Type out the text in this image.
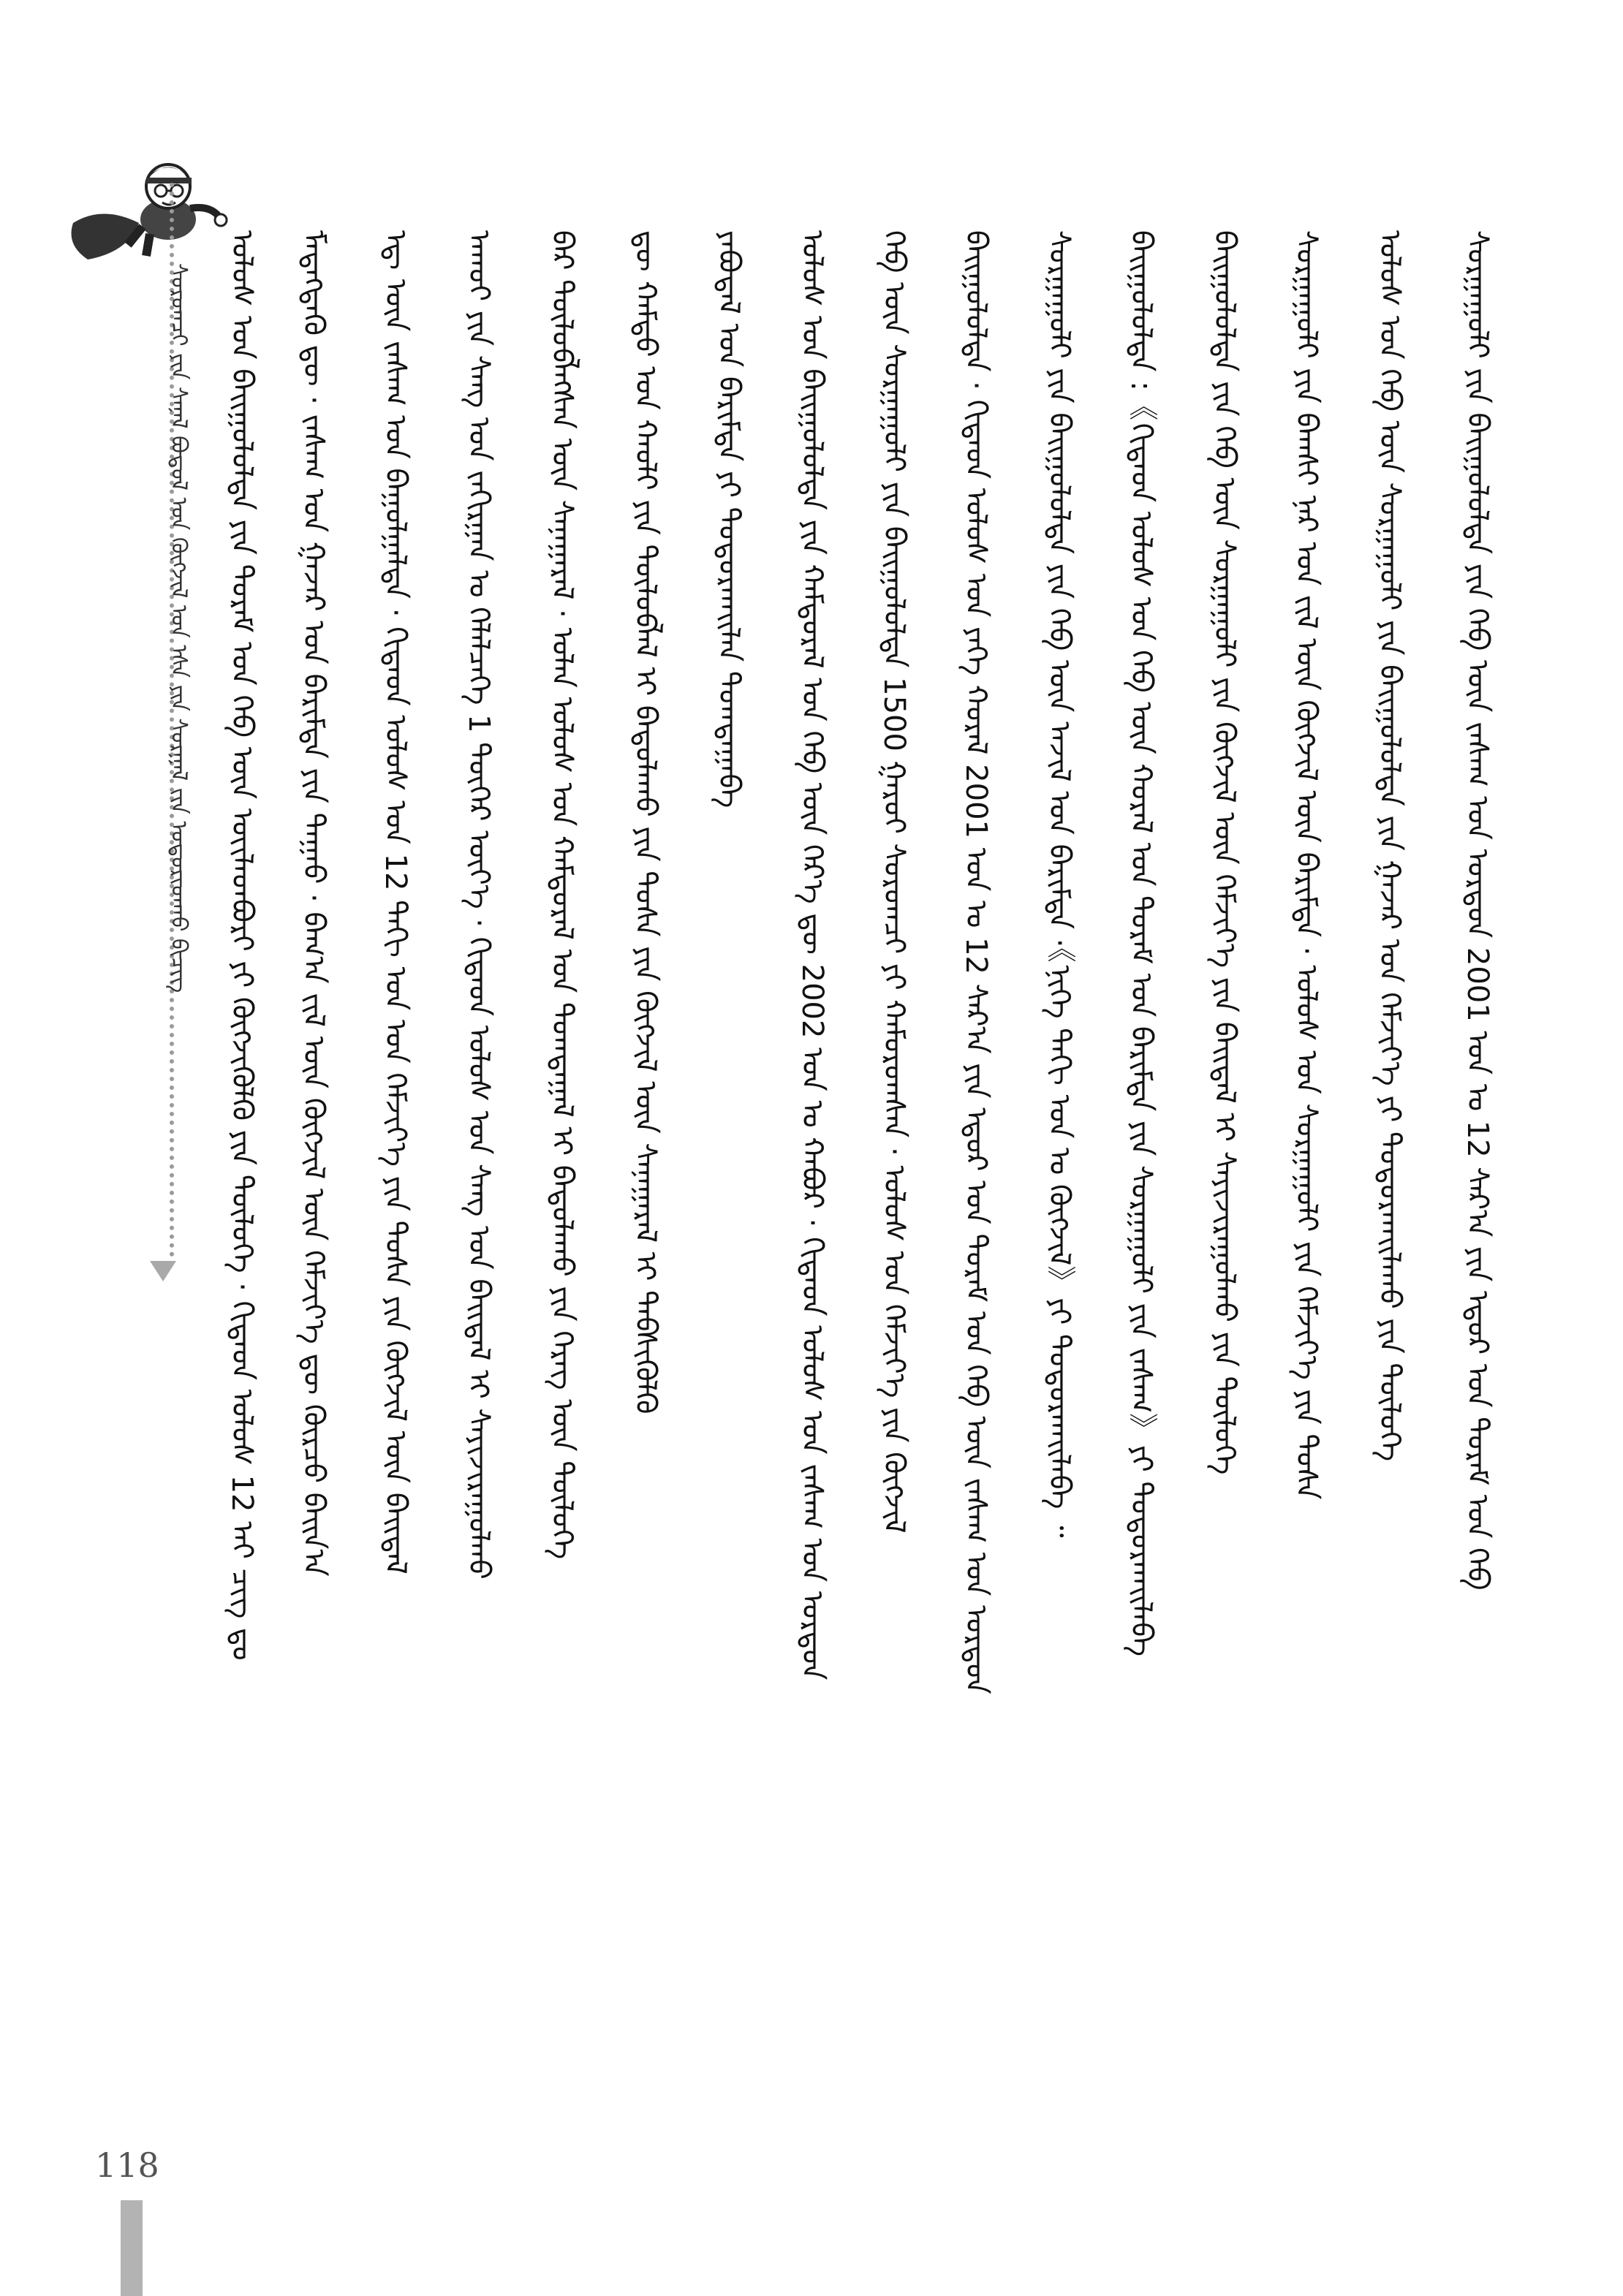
ᠰᠤᠷᠤᠭᠴᠢ ᠶᠢᠨ ᠰᠠᠨᠠᠯ ᠪᠤᠳᠤᠯ ᠤᠨ ᠬᠥᠭᠵᠢᠯ ᠤᠨ ᠡᠰᠡ ᠶᠢᠨ ᠰᠤᠷᠭᠠᠯ ᠵᠢᠨ ᠤᠳᠤᠷᠢᠳᠬᠤ ᠪᠢᠴᠢᠭ ᠤᠯᠤᠰ ᠤᠨ ᠪᠠᠢᠭᠤᠯᠤᠯᠲᠠ ᠶᠢᠨ ᠳᠤᠷᠠᠮ ᠤᠨ ᠬᠡᠪ ᠦᠨ ᠦᠢᠯᠡᠳᠪᠦᠷᠢ ᠶᠢ ᠬᠥᠭᠵᠢᠭᠦᠯᠬᠦ ᠶᠢᠨ ᠲᠥᠯᠦᠭᠡ · ᠬᠢᠲᠠᠳ ᠤᠯᠤᠰ 12 ᠠᠶ ᠴᠢᠭ ᠳᠤ ᠮᠡᠳᠡᠭᠳᠡᠬᠦ ᠳᠦ · ᠵᠠᠰᠠᠭ ᠤᠨ ᠭᠠᠵᠠᠷ ᠤᠨ ᠪᠠᠷᠢᠮᠲᠠ ᠶᠢᠨ ᠳᠠᠭᠠᠤ · ᠪᠠᠭ᠎ᠠ ᠵᠢᠯ ᠦᠨ ᠬᠥᠭᠵᠢᠯ ᠦᠨ ᠬᠡᠮᠵᠢᠶ᠎ᠡ ᠳᠦ ᠬᠦᠷᠴᠦ ᠪᠠᠢᠨ᠎ᠠ ᠡᠳ᠋ ᠦᠨ ᠵᠠᠰᠠᠭ ᠤᠨ ᠪᠠᠭᠤᠯᠭᠠᠯᠲᠠ · ᠬᠢᠲᠠᠳ ᠤᠯᠤᠰ ᠤᠨ 12 ᠳᠠᠬᠢ ᠣᠨ ᠤᠨ ᠬᠡᠮᠵᠢᠶ᠎ᠡ ᠶᠢᠨ ᠲᠤᠰᠠ ᠶᠢᠨ ᠬᠥᠭᠵᠢᠯ ᠦᠨ ᠪᠠᠢᠳᠠᠯ ᠠᠬᠤᠢ ᠶᠢᠨ ᠰᠠᠩ ᠤᠨ ᠵᠠᠬᠢᠷᠭᠠᠨ ᠤ ᠬᠡᠯᠡᠯᠴᠡᠭᠡ 1 ᠳᠦᠭᠡᠷ ᠦᠶ᠎ᠡ · ᠬᠢᠲᠠᠳ ᠤᠯᠤᠰ ᠤᠨ ᠰᠠᠩ ᠤᠨ ᠪᠠᠢᠳᠠᠯ ᠢ ᠰᠠᠶᠢᠵᠢᠷᠠᠭᠤᠯᠬᠤ ᠪᠡᠷ ᠲᠥᠯᠦᠪᠯᠡᠭᠰᠡᠨ ᠦᠨ ᠰᠠᠨᠠᠭᠠᠷᠠᠯ · ᠣᠯᠠᠨ ᠤᠯᠤᠰ ᠤᠨ ᠬᠠᠮᠲᠤᠷᠠᠯ ᠤᠨ ᠲᠣᠭᠲᠠᠭᠠᠯ ᠢ ᠪᠠᠳᠤᠯᠠᠬᠤ ᠶᠢᠨ ᠬᠡᠷᠡᠭ ᠦᠨ ᠲᠥᠯᠦᠭᠡ ᠳᠦ ᠬᠠᠮᠲᠤ ᠤᠨ ᠬᠠᠤᠯᠢ ᠶᠢᠨ ᠲᠥᠯᠦᠪᠯᠡᠯ ᠢ ᠪᠠᠳᠤᠯᠠᠬᠤ ᠶᠢᠨ ᠲᠤᠰᠠ ᠶᠢᠨ ᠬᠥᠭᠵᠢᠯ ᠦᠨ ᠰᠠᠨᠠᠭᠠᠷᠠᠯ ᠢ ᠳᠡᠪᠰᠢᠭᠦᠯᠬᠦ ᠶᠠᠪᠤᠳᠠᠯ ᠤᠨ ᠪᠠᠷᠢᠮᠲᠠ ᠶᠢ ᠲᠣᠳᠤᠷᠬᠠᠢᠯᠠᠨ ᠲᠣᠭᠲᠠᠭᠠᠪᠠ ᠤᠯᠤᠰ ᠤᠨ ᠪᠠᠢᠭᠤᠯᠤᠯᠲᠠ ᠶᠢᠨ ᠬᠠᠮᠲᠤᠷᠠᠯ ᠤᠨ ᠬᠡᠪ ᠦᠨ ᠭᠡᠷ᠎ᠡ ᠳᠦ 2002 ᠣᠨ ᠤ ᠬᠠᠪᠤᠷ · ᠬᠢᠲᠠᠳ ᠤᠯᠤᠰ ᠤᠨ ᠵᠠᠰᠠᠭ ᠤᠨ ᠣᠷᠳᠣᠨ ᠬᠡᠪ ᠦᠨ ᠰᠤᠷᠭᠠᠭᠤᠯᠢ ᠶᠢᠨ ᠪᠠᠢᠭᠤᠯᠤᠯᠲᠠ 1500 ᠭᠠᠷᠤᠢ ᠰᠤᠷᠤᠭᠴᠢ ᠶᠢ ᠬᠠᠮᠤᠷᠤᠭᠰᠠᠨ · ᠤᠯᠤᠰ ᠤᠨ ᠬᠡᠮᠵᠢᠶ᠎ᠡ ᠶᠢᠨ ᠬᠥᠭᠵᠢᠯ ᠪᠠᠢᠭᠤᠯᠤᠯᠲᠠ · ᠬᠢᠲᠠᠳ ᠤᠯᠤᠰ ᠤᠨ ᠶᠡᠬᠡ ᠬᠤᠷᠠᠯ 2001 ᠣᠨ ᠤ 12 ᠰᠠᠷ᠎ᠠ ᠶᠢᠨ ᠡᠳᠦᠷ ᠤᠨ ᠳᠤᠷᠠᠮ ᠤᠨ ᠬᠡᠪ ᠦᠨ ᠵᠠᠰᠠᠭ ᠤᠨ ᠣᠷᠳᠣᠨ ᠰᠤᠷᠭᠠᠭᠤᠯᠢ ᠶᠢᠨ ᠪᠠᠢᠭᠤᠯᠤᠯᠲᠠ ᠶᠢᠨ ᠬᠡᠪ ᠦᠨ ᠠᠵᠢᠯ ᠤᠨ ᠪᠠᠷᠢᠮᠲᠠ ·《ᠨᠢᠭᠡ ᠳᠠᠬᠢ ᠣᠨ ᠤ ᠬᠥᠭᠵᠢᠯ》ᠶᠢ ᠲᠣᠳᠤᠷᠬᠠᠢᠯᠠᠪᠠ ᠃ ᠪᠠᠢᠭᠤᠯᠤᠯᠲᠠ :《ᠬᠢᠲᠠᠳ ᠤᠯᠤᠰ ᠤᠨ ᠬᠡᠪ ᠦᠨ ᠬᠤᠷᠠᠯ ᠤᠨ ᠳᠤᠷᠠᠮ ᠤᠨ ᠪᠠᠷᠢᠮᠲᠠ ᠶᠢᠨ ᠰᠤᠷᠭᠠᠭᠤᠯᠢ ᠶᠢᠨ ᠵᠠᠰᠠᠭ》ᠶᠢ ᠲᠣᠳᠤᠷᠬᠠᠢᠯᠠᠪᠠ ᠪᠠᠢᠭᠤᠯᠤᠯᠲᠠ ᠶᠢᠨ ᠬᠡᠪ ᠦᠨ ᠰᠤᠷᠭᠠᠭᠤᠯᠢ ᠶᠢᠨ ᠬᠥᠭᠵᠢᠯ ᠦᠨ ᠬᠡᠮᠵᠢᠶ᠎ᠡ ᠶᠢᠨ ᠪᠠᠢᠳᠠᠯ ᠢ ᠰᠠᠶᠢᠵᠢᠷᠠᠭᠤᠯᠬᠤ ᠶᠢᠨ ᠲᠥᠯᠦᠭᠡ ᠰᠤᠷᠭᠠᠭᠤᠯᠢ ᠶᠢᠨ ᠪᠠᠭᠰᠢ ᠨᠠᠷ ᠤᠨ ᠵᠢᠯ ᠦᠨ ᠬᠥᠭᠵᠢᠯ ᠦᠨ ᠪᠠᠷᠢᠮᠲᠠ · ᠤᠯᠤᠰ ᠤᠨ ᠰᠤᠷᠭᠠᠭᠤᠯᠢ ᠶᠢᠨ ᠬᠡᠮᠵᠢᠶ᠎ᠡ ᠶᠢᠨ ᠲᠤᠰᠠ ᠤᠯᠤᠰ ᠤᠨ ᠬᠡᠪ ᠦᠨ ᠰᠤᠷᠭᠠᠭᠤᠯᠢ ᠶᠢᠨ ᠪᠠᠢᠭᠤᠯᠤᠯᠲᠠ ᠶᠢᠨ ᠭᠠᠵᠠᠷ ᠤᠨ ᠬᠡᠮᠵᠢᠶ᠎ᠡ ᠶᠢ ᠲᠣᠳᠤᠷᠬᠠᠢᠯᠠᠬᠤ ᠶᠢᠨ ᠲᠥᠯᠦᠭᠡ ᠰᠤᠷᠭᠠᠭᠤᠯᠢ ᠶᠢᠨ ᠪᠠᠢᠭᠤᠯᠤᠯᠲᠠ ᠶᠢᠨ ᠬᠡᠪ ᠦᠨ ᠵᠠᠰᠠᠭ ᠤᠨ ᠣᠷᠳᠣᠨ 2001 ᠣᠨ ᠤ 12 ᠰᠠᠷ᠎ᠠ ᠶᠢᠨ ᠡᠳᠦᠷ ᠤᠨ ᠳᠤᠷᠠᠮ ᠤᠨ ᠬᠡᠪ
118
